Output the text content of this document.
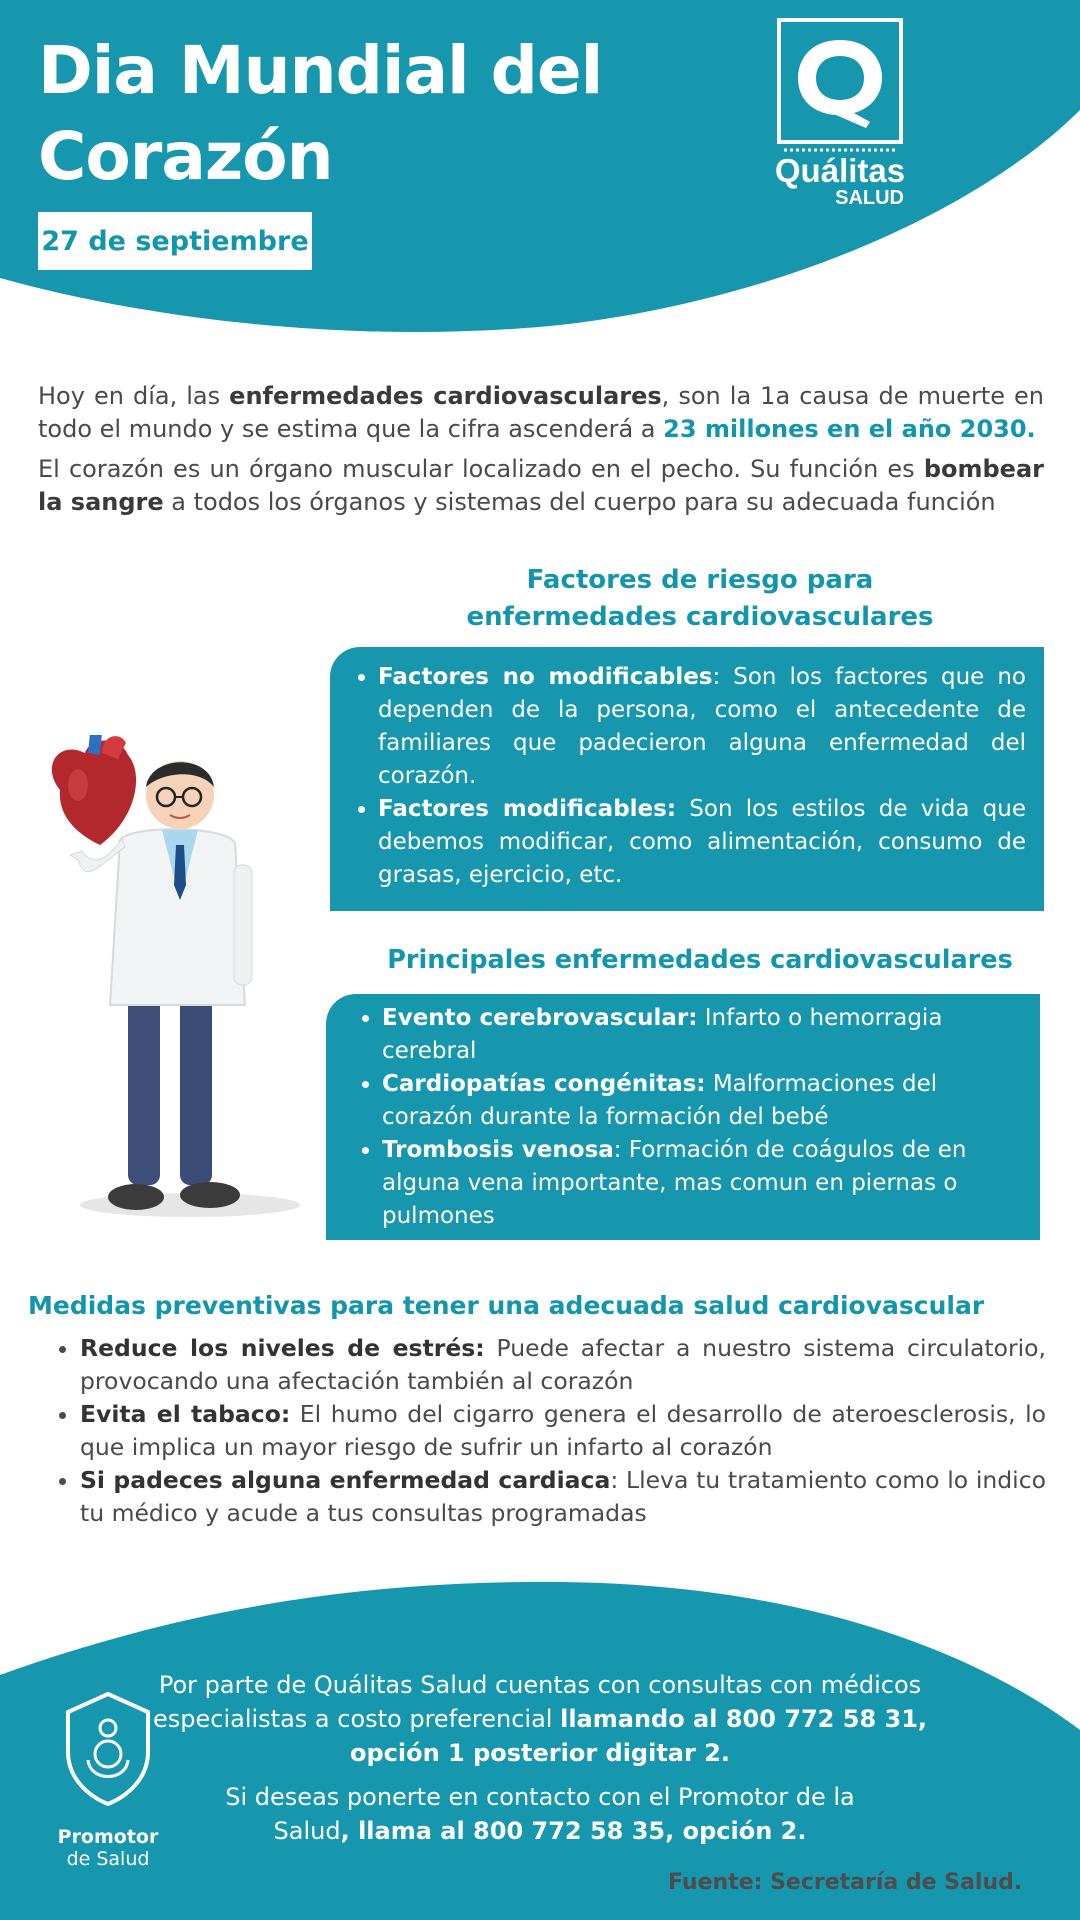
Dia Mundial del
Corazón
27 de septiembre
Quálitas
SALUD
Hoy en día, las enfermedades cardiovasculares, son la 1a causa de muerte en todo el mundo y se estima que la cifra ascenderá a 23 millones en el año 2030.
El corazón es un órgano muscular localizado en el pecho. Su función es bombear la sangre a todos los órganos y sistemas del cuerpo para su adecuada función
Factores de riesgo para
enfermedades cardiovasculares
• Factores no modificables: Son los factores que no dependen de la persona, como el antecedente de familiares que padecieron alguna enfermedad del corazón.
• Factores modificables: Son los estilos de vida que debemos modificar, como alimentación, consumo de grasas, ejercicio, etc.
Principales enfermedades cardiovasculares
• Evento cerebrovascular: Infarto o hemorragia cerebral
• Cardiopatías congénitas: Malformaciones del corazón durante la formación del bebé
• Trombosis venosa: Formación de coágulos de en alguna vena importante, mas comun en piernas o pulmones
Medidas preventivas para tener una adecuada salud cardiovascular
• Reduce los niveles de estrés: Puede afectar a nuestro sistema circulatorio, provocando una afectación también al corazón
• Evita el tabaco: El humo del cigarro genera el desarrollo de ateroesclerosis, lo que implica un mayor riesgo de sufrir un infarto al corazón
• Si padeces alguna enfermedad cardiaca: Lleva tu tratamiento como lo indico tu médico y acude a tus consultas programadas
Por parte de Quálitas Salud cuentas con consultas con médicos especialistas a costo preferencial llamando al 800 772 58 31, opción 1 posterior digitar 2.
Si deseas ponerte en contacto con el Promotor de la Salud, llama al 800 772 58 35, opción 2.
Promotor
de Salud
Fuente: Secretaría de Salud.
